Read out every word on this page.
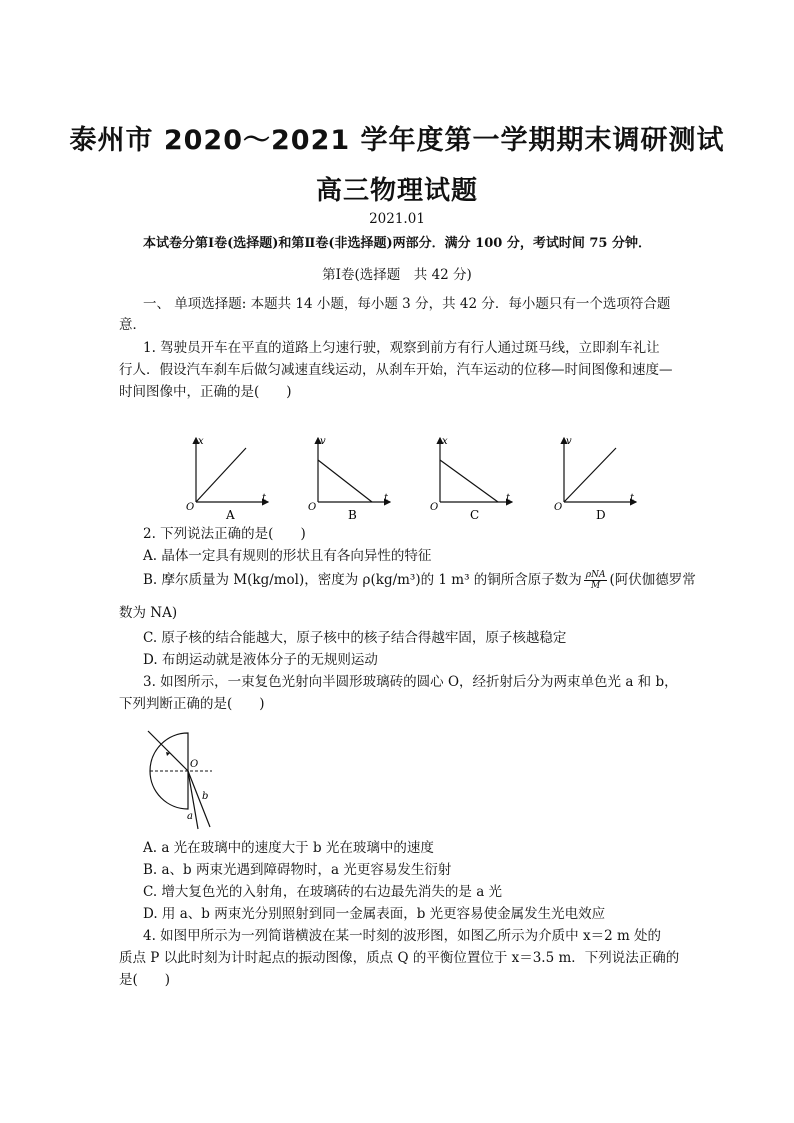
泰州市 2020～2021 学年度第一学期期末调研测试
高三物理试题
2021.01
本试卷分第Ⅰ卷(选择题)和第Ⅱ卷(非选择题)两部分．满分 100 分，考试时间 75 分钟．
第Ⅰ卷(选择题　共 42 分)
一、 单项选择题: 本题共 14 小题，每小题 3 分，共 42 分．每小题只有一个选项符合题
意．
1. 驾驶员开车在平直的道路上匀速行驶，观察到前方有行人通过斑马线，立即刹车礼让
行人．假设汽车刹车后做匀减速直线运动，从刹车开始，汽车运动的位移—时间图像和速度—
时间图像中，正确的是(　　)
x
t
O
A
v
t
O
B
x
t
O
C
v
t
O
D
2. 下列说法正确的是(　　)
A. 晶体一定具有规则的形状且有各向异性的特征
B. 摩尔质量为 M(kg/mol)，密度为 ρ(kg/m³)的 1 m³ 的铜所含原子数为 $\frac{\text{ρNA}}{M}$ (阿伏伽德罗常
数为 NA)
C. 原子核的结合能越大，原子核中的核子结合得越牢固，原子核越稳定
D. 布朗运动就是液体分子的无规则运动
3. 如图所示，一束复色光射向半圆形玻璃砖的圆心 O，经折射后分为两束单色光 a 和 b，
下列判断正确的是(　　)
O
b
a
A. a 光在玻璃中的速度大于 b 光在玻璃中的速度
B. a、b 两束光遇到障碍物时，a 光更容易发生衍射
C. 增大复色光的入射角，在玻璃砖的右边最先消失的是 a 光
D. 用 a、b 两束光分别照射到同一金属表面，b 光更容易使金属发生光电效应
4. 如图甲所示为一列简谐横波在某一时刻的波形图，如图乙所示为介质中 x＝2 m 处的
质点 P 以此时刻为计时起点的振动图像，质点 Q 的平衡位置位于 x＝3.5 m．下列说法正确的
是(　　)
